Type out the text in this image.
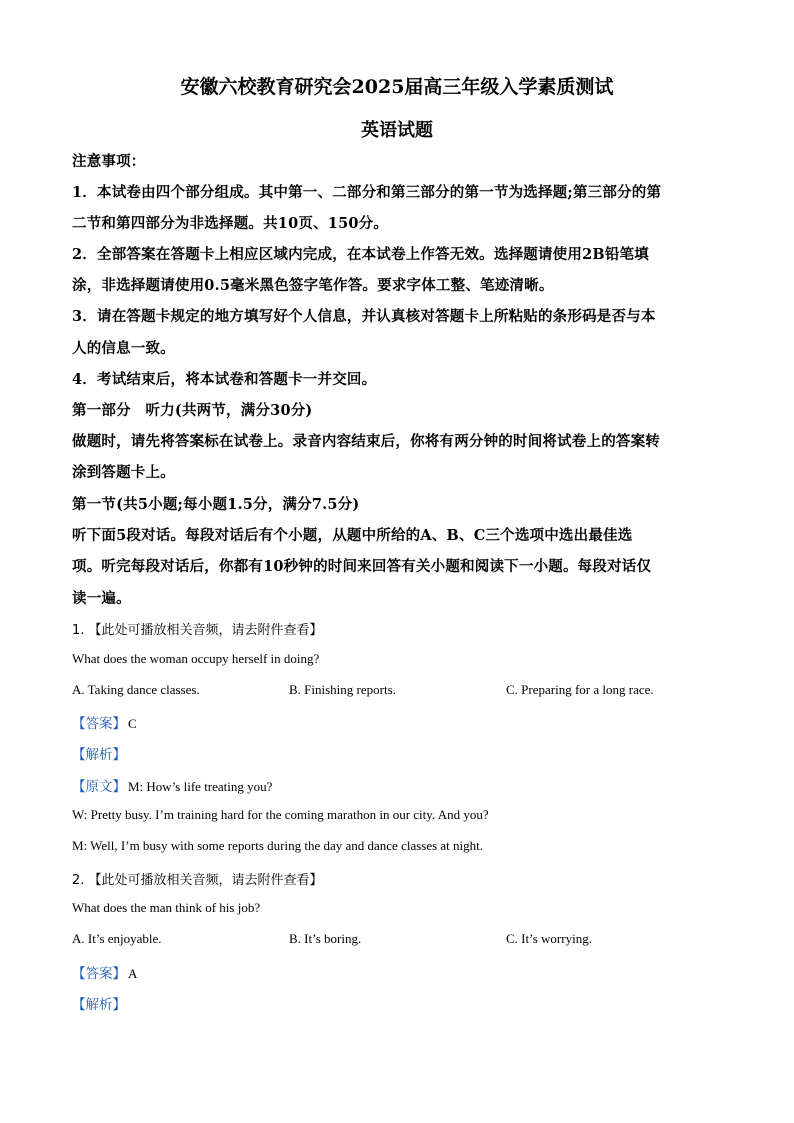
安徽六校教育研究会2025届高三年级入学素质测试
英语试题
注意事项：
1．本试卷由四个部分组成。其中第一、二部分和第三部分的第一节为选择题;第三部分的第
二节和第四部分为非选择题。共10页、150分。
2．全部答案在答题卡上相应区域内完成，在本试卷上作答无效。选择题请使用2B铅笔填
涂，非选择题请使用0.5毫米黑色签字笔作答。要求字体工整、笔迹清晰。
3．请在答题卡规定的地方填写好个人信息，并认真核对答题卡上所粘贴的条形码是否与本
人的信息一致。
4．考试结束后，将本试卷和答题卡一并交回。
第一部分　听力(共两节，满分30分)
做题时，请先将答案标在试卷上。录音内容结束后，你将有两分钟的时间将试卷上的答案转
涂到答题卡上。
第一节(共5小题;每小题1.5分，满分7.5分)
听下面5段对话。每段对话后有个小题，从题中所给的A、B、C三个选项中选出最佳选
项。听完每段对话后，你都有10秒钟的时间来回答有关小题和阅读下一小题。每段对话仅
读一遍。
1. 【此处可播放相关音频，请去附件查看】
What does the woman occupy herself in doing?
A. Taking dance classes.	B. Finishing reports.	C. Preparing for a long race.
【答案】 C
【解析】
【原文】 M: How’s life treating you?
W: Pretty busy. I’m training hard for the coming marathon in our city. And you?
M: Well, I’m busy with some reports during the day and dance classes at night.
2. 【此处可播放相关音频，请去附件查看】
What does the man think of his job?
A. It’s enjoyable.	B. It’s boring.	C. It’s worrying.
【答案】 A
【解析】
